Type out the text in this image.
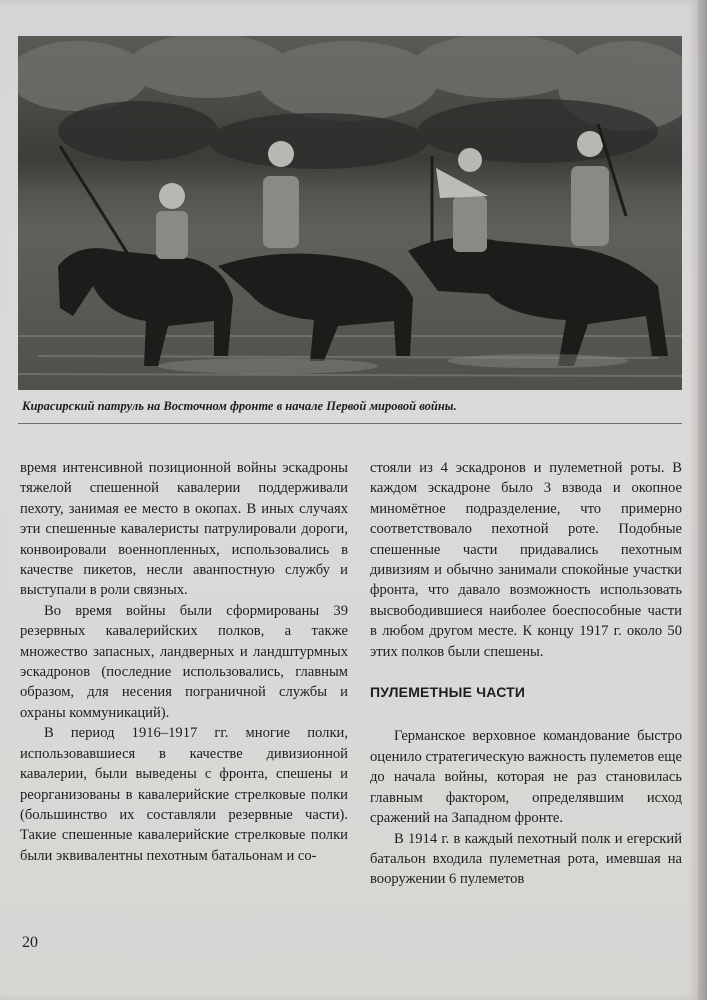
Кирасирский патруль на Восточном фронте в начале Первой мировой войны.

время интенсивной позиционной войны эскадроны тяжелой спешенной кавалерии поддерживали пехоту, занимая ее место в окопах. В иных случаях эти спешенные кавалеристы патрулировали дороги, конвоировали военнопленных, использовались в качестве пикетов, несли аванпостную службу и выступали в роли связных.

Во время войны были сформированы 39 резервных кавалерийских полков, а также множество запасных, ландверных и ландштурмных эскадронов (последние использовались, главным образом, для несения пограничной службы и охраны коммуникаций).

В период 1916–1917 гг. многие полки, использовавшиеся в качестве дивизионной кавалерии, были выведены с фронта, спешены и реорганизованы в кавалерийские стрелковые полки (большинство их составляли резервные части). Такие спешенные кавалерийские стрелковые полки были эквивалентны пехотным батальонам и со-

стояли из 4 эскадронов и пулеметной роты. В каждом эскадроне было 3 взвода и окопное миномётное подразделение, что примерно соответствовало пехотной роте. Подобные спешенные части придавались пехотным дивизиям и обычно занимали спокойные участки фронта, что давало возможность использовать высвободившиеся наиболее боеспособные части в любом другом месте. К концу 1917 г. около 50 этих полков были спешены.

ПУЛЕМЕТНЫЕ ЧАСТИ

Германское верховное командование быстро оценило стратегическую важность пулеметов еще до начала войны, которая не раз становилась главным фактором, определявшим исход сражений на Западном фронте.

В 1914 г. в каждый пехотный полк и егерский батальон входила пулеметная рота, имевшая на вооружении 6 пулеметов

20
